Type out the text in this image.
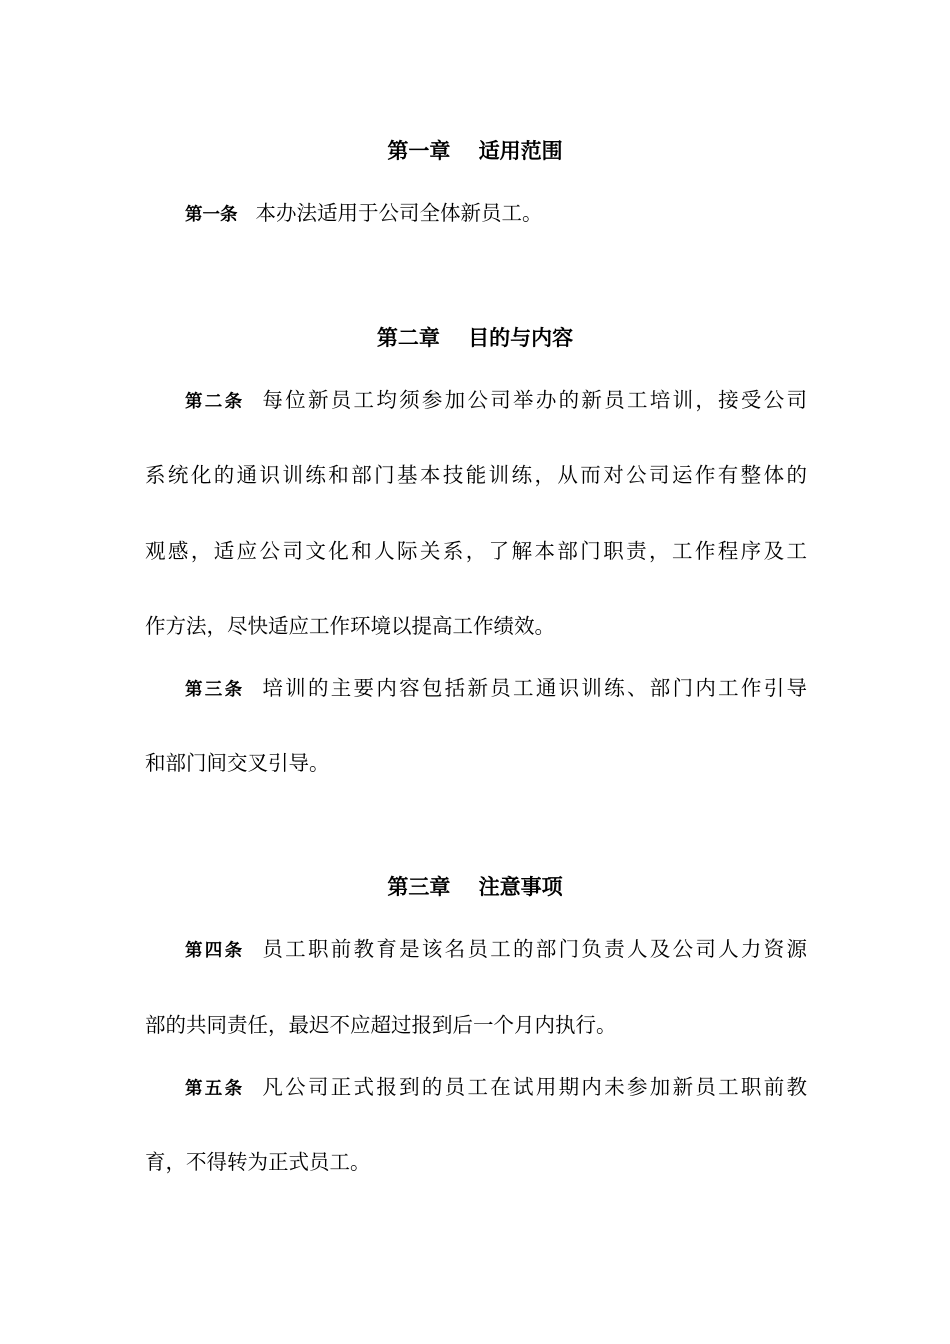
第一章　 适用范围
第一条 本办法适用于公司全体新员工。
第二章　 目的与内容
第二条 每位新员工均须参加公司举办的新员工培训，接受公司
系统化的通识训练和部门基本技能训练，从而对公司运作有整体的
观感，适应公司文化和人际关系，了解本部门职责，工作程序及工
作方法，尽快适应工作环境以提高工作绩效。
第三条 培训的主要内容包括新员工通识训练、部门内工作引导
和部门间交叉引导。
第三章　 注意事项
第四条 员工职前教育是该名员工的部门负责人及公司人力资源
部的共同责任，最迟不应超过报到后一个月内执行。
第五条 凡公司正式报到的员工在试用期内未参加新员工职前教
育，不得转为正式员工。
